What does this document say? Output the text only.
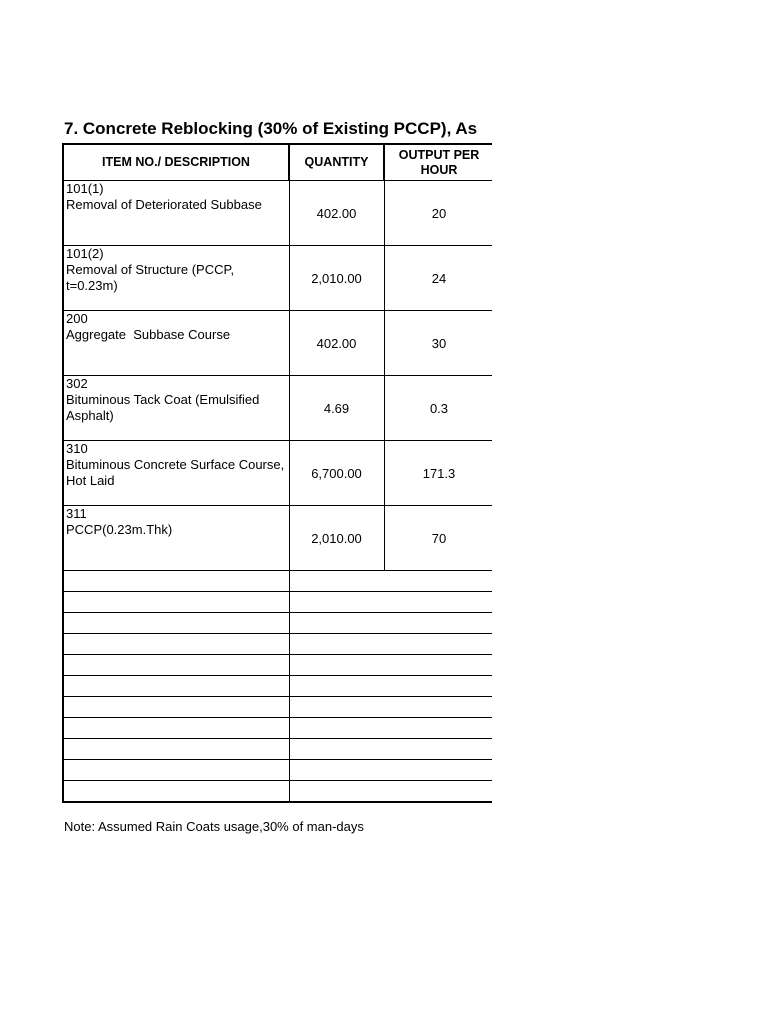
7. Concrete Reblocking (30% of Existing PCCP), As
ITEM NO./ DESCRIPTION	QUANTITY	OUTPUT PER HOUR	
101(1)
Removal of Deteriorated Subbase	402.00	20	
101(2)
Removal of Structure (PCCP, t=0.23m)	2,010.00	24	
200
Aggregate  Subbase Course	402.00	30	
302
Bituminous Tack Coat (Emulsified Asphalt)	4.69	0.3	
310
Bituminous Concrete Surface Course, Hot Laid	6,700.00	171.3	
311
PCCP(0.23m.Thk)	2,010.00	70	

Note: Assumed Rain Coats usage,30% of man-days
